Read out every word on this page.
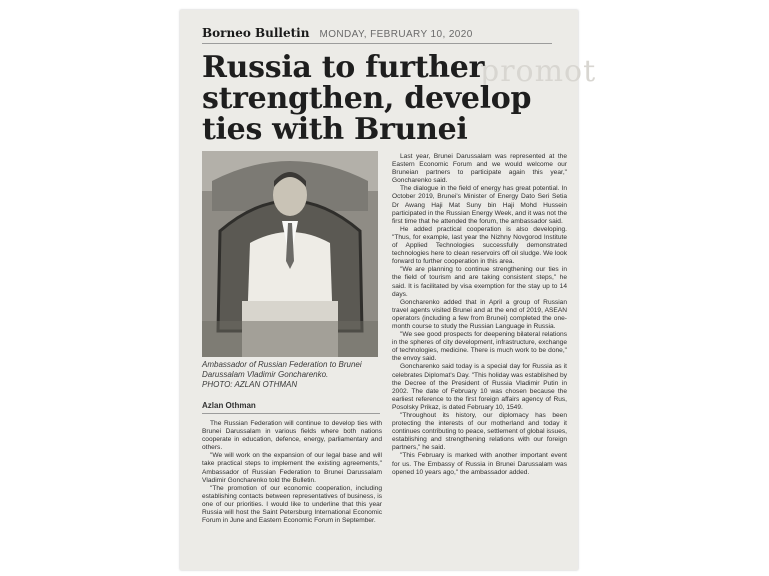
promot
Borneo Bulletin MONDAY, FEBRUARY 10, 2020
Russia to further
strengthen, develop
ties with Brunei

Ambassador of Russian Federation to Brunei
Darussalam Vladimir Goncharenko.
PHOTO: AZLAN OTHMAN

Azlan Othman

The Russian Federation will continue to develop ties with Brunei Darussalam in various fields where both nations cooperate in education, defence, energy, parliamentary and others.

"We will work on the expansion of our legal base and will take practical steps to implement the existing agreements," Ambassador of Russian Federation to Brunei Darussalam Vladimir Goncharenko told the Bulletin.

"The promotion of our economic cooperation, including establishing contacts between representatives of business, is one of our priorities. I would like to underline that this year Russia will host the Saint Petersburg International Economic Forum in June and Eastern Economic Forum in September.

Last year, Brunei Darussalam was represented at the Eastern Economic Forum and we would welcome our Bruneian partners to participate again this year," Goncharenko said.

The dialogue in the field of energy has great potential. In October 2019, Brunei's Minister of Energy Dato Seri Setia Dr Awang Haji Mat Suny bin Haji Mohd Hussein participated in the Russian Energy Week, and it was not the first time that he attended the forum, the ambassador said.

He added practical cooperation is also developing. "Thus, for example, last year the Nizhny Novgorod Institute of Applied Technologies successfully demonstrated technologies here to clean reservoirs off oil sludge. We look forward to further cooperation in this area.

"We are planning to continue strengthening our ties in the field of tourism and are taking consistent steps," he said. It is facilitated by visa exemption for the stay up to 14 days.

Goncharenko added that in April a group of Russian travel agents visited Brunei and at the end of 2019, ASEAN operators (including a few from Brunei) completed the one-month course to study the Russian Language in Russia.

"We see good prospects for deepening bilateral relations in the spheres of city development, infrastructure, exchange of technologies, medicine. There is much work to be done," the envoy said.

Goncharenko said today is a special day for Russia as it celebrates Diplomat's Day. "This holiday was established by the Decree of the President of Russia Vladimir Putin in 2002. The date of February 10 was chosen because the earliest reference to the first foreign affairs agency of Rus, Posolsky Prikaz, is dated February 10, 1549.

"Throughout its history, our diplomacy has been protecting the interests of our motherland and today it continues contributing to peace, settlement of global issues, establishing and strengthening relations with our foreign partners," he said.

"This February is marked with another important event for us. The Embassy of Russia in Brunei Darussalam was opened 10 years ago," the ambassador added.
